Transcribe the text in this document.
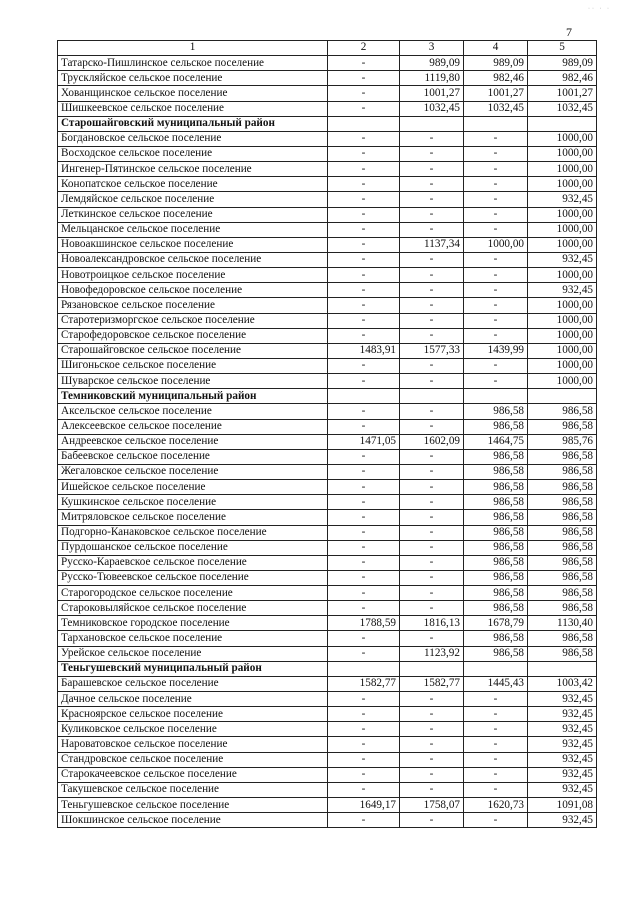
·· · ·
7
1	2	3	4	5
Татарско-Пишлинское сельское поселение	-	989,09	989,09	989,09
Трускляйское сельское поселение	-	1119,80	982,46	982,46
Хованщинское сельское поселение	-	1001,27	1001,27	1001,27
Шишкеевское сельское поселение	-	1032,45	1032,45	1032,45
Старошайговский муниципальный район				
Богдановское сельское поселение	-	-	-	1000,00
Восходское сельское поселение	-	-	-	1000,00
Ингенер-Пятинское сельское поселение	-	-	-	1000,00
Конопатское сельское поселение	-	-	-	1000,00
Лемдяйское сельское поселение	-	-	-	932,45
Леткинское сельское поселение	-	-	-	1000,00
Мельцанское сельское поселение	-	-	-	1000,00
Новоакшинское сельское поселение	-	1137,34	1000,00	1000,00
Новоалександровское сельское поселение	-	-	-	932,45
Новотроицкое сельское поселение	-	-	-	1000,00
Новофедоровское сельское поселение	-	-	-	932,45
Рязановское сельское поселение	-	-	-	1000,00
Старотеризморгское сельское поселение	-	-	-	1000,00
Старофедоровское сельское поселение	-	-	-	1000,00
Старошайговское сельское поселение	1483,91	1577,33	1439,99	1000,00
Шигоньское сельское поселение	-	-	-	1000,00
Шуварское сельское поселение	-	-	-	1000,00
Темниковский муниципальный район				
Аксельское сельское поселение	-	-	986,58	986,58
Алексеевское сельское поселение	-	-	986,58	986,58
Андреевское сельское поселение	1471,05	1602,09	1464,75	985,76
Бабеевское сельское поселение	-	-	986,58	986,58
Жегаловское сельское поселение	-	-	986,58	986,58
Ишейское сельское поселение	-	-	986,58	986,58
Кушкинское сельское поселение	-	-	986,58	986,58
Митряловское сельское поселение	-	-	986,58	986,58
Подгорно-Канаковское сельское поселение	-	-	986,58	986,58
Пурдошанское сельское поселение	-	-	986,58	986,58
Русско-Караевское сельское поселение	-	-	986,58	986,58
Русско-Тювеевское сельское поселение	-	-	986,58	986,58
Старогородское сельское поселение	-	-	986,58	986,58
Староковыляйское сельское поселение	-	-	986,58	986,58
Темниковское городское поселение	1788,59	1816,13	1678,79	1130,40
Тархановское сельское поселение	-	-	986,58	986,58
Урейское сельское поселение	-	1123,92	986,58	986,58
Теньгушевский муниципальный район				
Барашевское сельское поселение	1582,77	1582,77	1445,43	1003,42
Дачное сельское поселение	-	-	-	932,45
Красноярское сельское поселение	-	-	-	932,45
Куликовское сельское поселение	-	-	-	932,45
Нароватовское сельское поселение	-	-	-	932,45
Стандровское сельское поселение	-	-	-	932,45
Старокачеевское сельское поселение	-	-	-	932,45
Такушевское сельское поселение	-	-	-	932,45
Теньгушевское сельское поселение	1649,17	1758,07	1620,73	1091,08
Шокшинское сельское поселение	-	-	-	932,45
